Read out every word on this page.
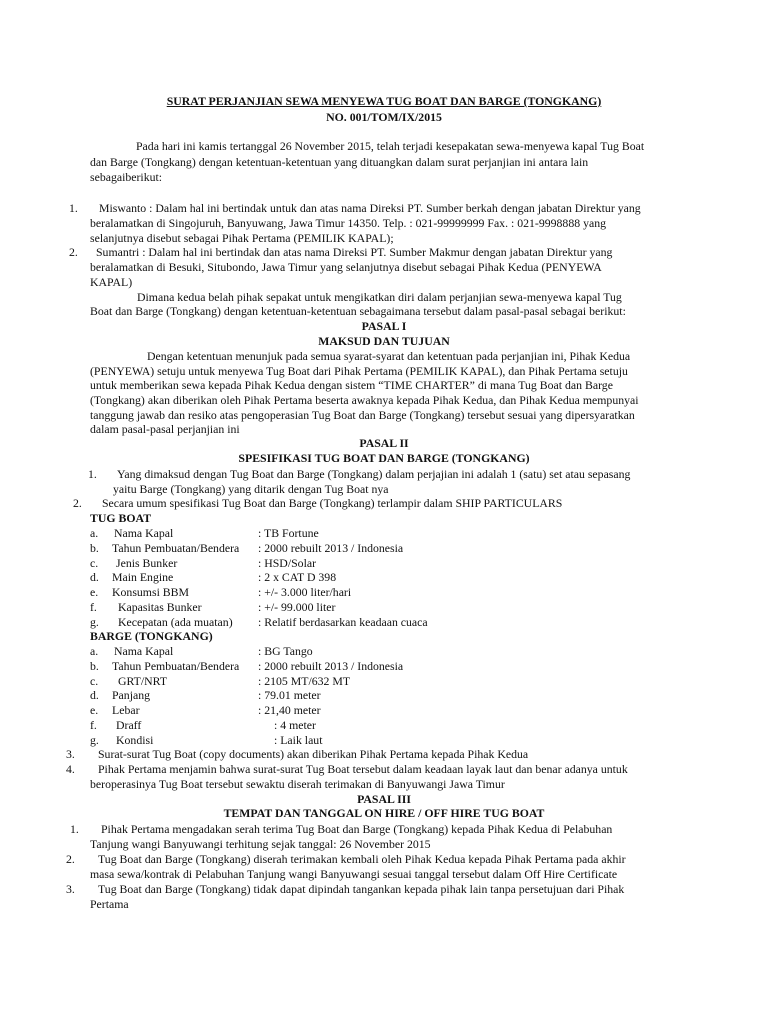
SURAT PERJANJIAN SEWA MENYEWA TUG BOAT DAN BARGE (TONGKANG)
NO. 001/TOM/IX/2015
Pada hari ini kamis tertanggal 26 November 2015, telah terjadi kesepakatan sewa-menyewa kapal Tug Boat
dan Barge (Tongkang) dengan ketentuan-ketentuan yang dituangkan dalam surat perjanjian ini antara lain
sebagaiberikut:
1. Miswanto : Dalam hal ini bertindak untuk dan atas nama Direksi PT. Sumber berkah dengan jabatan Direktur yang
beralamatkan di Singojuruh, Banyuwang, Jawa Timur 14350. Telp. : 021-99999999 Fax. : 021-9998888 yang
selanjutnya disebut sebagai Pihak Pertama (PEMILIK KAPAL);
2. Sumantri : Dalam hal ini bertindak dan atas nama Direksi PT. Sumber Makmur dengan jabatan Direktur yang
beralamatkan di Besuki, Situbondo, Jawa Timur yang selanjutnya disebut sebagai Pihak Kedua (PENYEWA
KAPAL)
Dimana kedua belah pihak sepakat untuk mengikatkan diri dalam perjanjian sewa-menyewa kapal Tug
Boat dan Barge (Tongkang) dengan ketentuan-ketentuan sebagaimana tersebut dalam pasal-pasal sebagai berikut:
PASAL I
MAKSUD DAN TUJUAN
Dengan ketentuan menunjuk pada semua syarat-syarat dan ketentuan pada perjanjian ini, Pihak Kedua
(PENYEWA) setuju untuk menyewa Tug Boat dari Pihak Pertama (PEMILIK KAPAL), dan Pihak Pertama setuju
untuk memberikan sewa kepada Pihak Kedua dengan sistem “TIME CHARTER” di mana Tug Boat dan Barge
(Tongkang) akan diberikan oleh Pihak Pertama beserta awaknya kepada Pihak Kedua, dan Pihak Kedua mempunyai
tanggung jawab dan resiko atas pengoperasian Tug Boat dan Barge (Tongkang) tersebut sesuai yang dipersyaratkan
dalam pasal-pasal perjanjian ini
PASAL II
SPESIFIKASI TUG BOAT DAN BARGE (TONGKANG)
1. Yang dimaksud dengan Tug Boat dan Barge (Tongkang) dalam perjajian ini adalah 1 (satu) set atau sepasang
yaitu Barge (Tongkang) yang ditarik dengan Tug Boat nya
2. Secara umum spesifikasi Tug Boat dan Barge (Tongkang) terlampir dalam SHIP PARTICULARS
TUG BOAT
a. Nama Kapal	: TB Fortune
b. Tahun Pembuatan/Bendera : 2000 rebuilt 2013 / Indonesia
c. Jenis Bunker	: HSD/Solar
d. Main Engine	: 2 x CAT D 398
e. Konsumsi BBM	: +/- 3.000 liter/hari
f. Kapasitas Bunker	: +/- 99.000 liter
g. Kecepatan (ada muatan) : Relatif berdasarkan keadaan cuaca
BARGE (TONGKANG)
a. Nama Kapal	: BG Tango
b. Tahun Pembuatan/Bendera : 2000 rebuilt 2013 / Indonesia
c. GRT/NRT	: 2105 MT/632 MT
d. Panjang	: 79.01 meter
e. Lebar	: 21,40 meter
f. Draff	: 4 meter
g. Kondisi	: Laik laut
3. Surat-surat Tug Boat (copy documents) akan diberikan Pihak Pertama kepada Pihak Kedua
4. Pihak Pertama menjamin bahwa surat-surat Tug Boat tersebut dalam keadaan layak laut dan benar adanya untuk
beroperasinya Tug Boat tersebut sewaktu diserah terimakan di Banyuwangi Jawa Timur
PASAL III
TEMPAT DAN TANGGAL ON HIRE / OFF HIRE TUG BOAT
1. Pihak Pertama mengadakan serah terima Tug Boat dan Barge (Tongkang) kepada Pihak Kedua di Pelabuhan
Tanjung wangi Banyuwangi terhitung sejak tanggal: 26 November 2015
2. Tug Boat dan Barge (Tongkang) diserah terimakan kembali oleh Pihak Kedua kepada Pihak Pertama pada akhir
masa sewa/kontrak di Pelabuhan Tanjung wangi Banyuwangi sesuai tanggal tersebut dalam Off Hire Certificate
3. Tug Boat dan Barge (Tongkang) tidak dapat dipindah tangankan kepada pihak lain tanpa persetujuan dari Pihak
Pertama
